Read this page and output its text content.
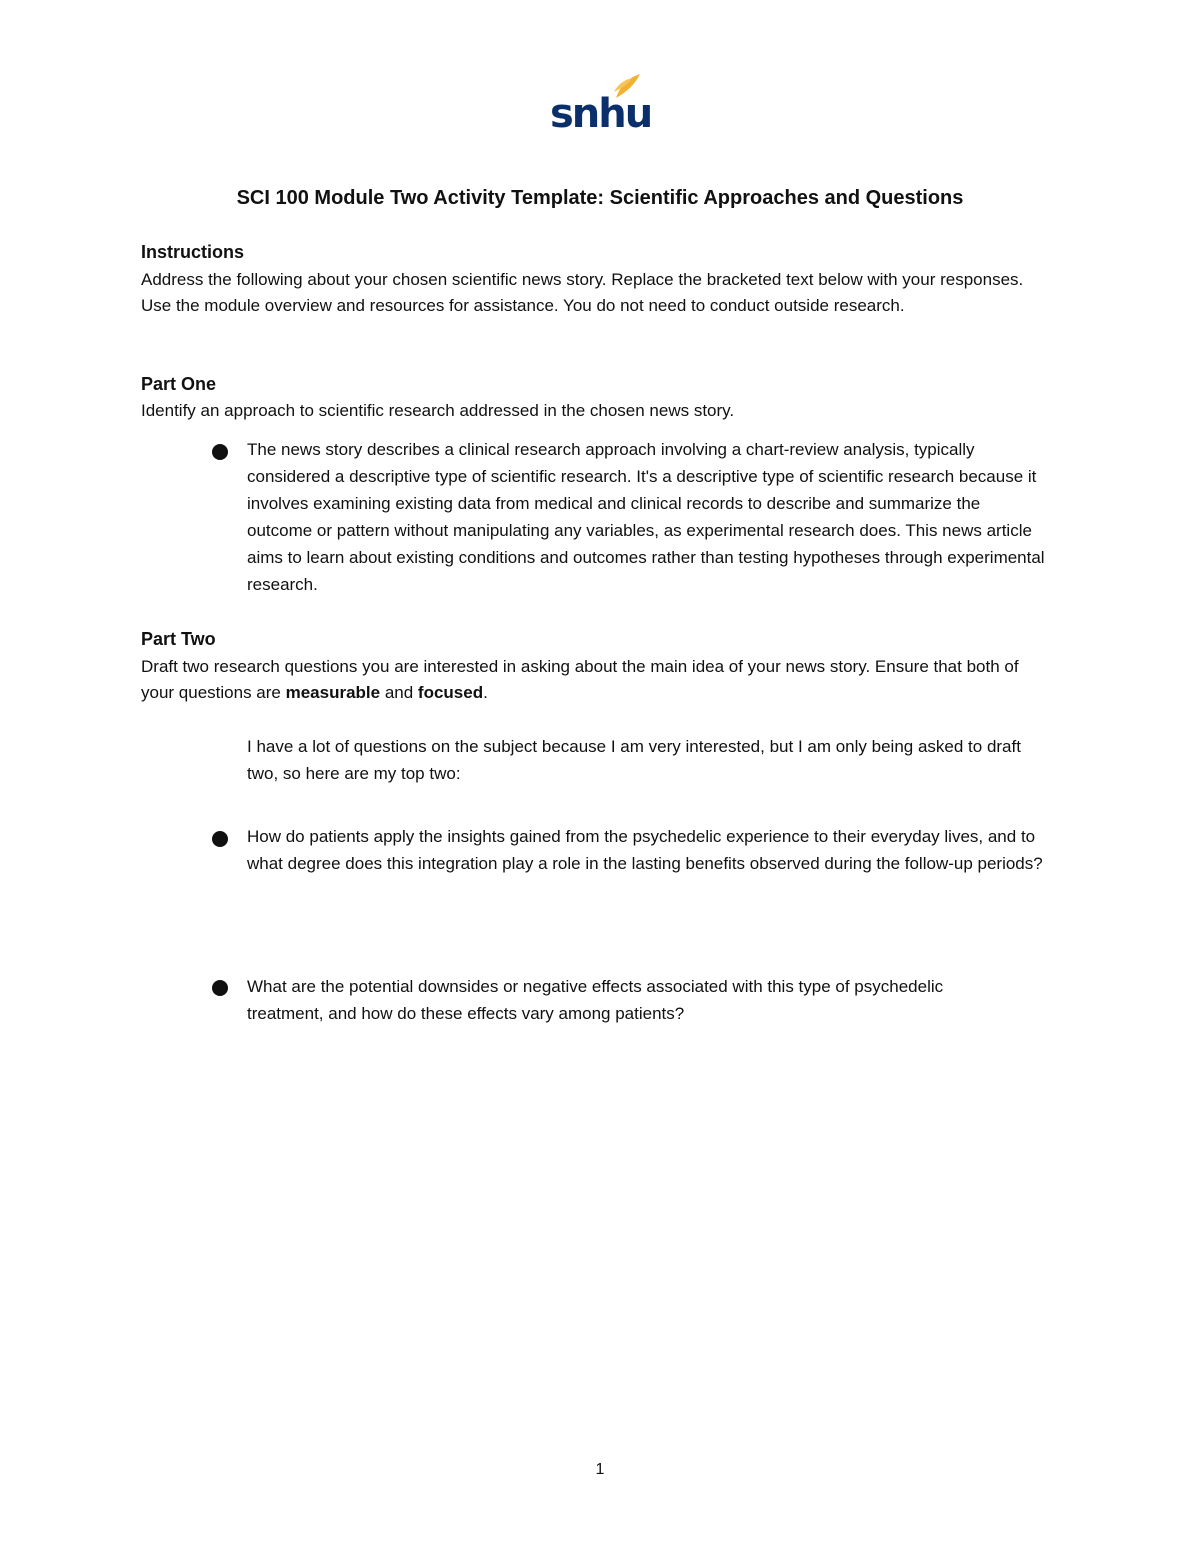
snhu
SCI 100 Module Two Activity Template: Scientific Approaches and Questions
Instructions
Address the following about your chosen scientific news story. Replace the bracketed text below with your responses. Use the module overview and resources for assistance. You do not need to conduct outside research.
Part One
Identify an approach to scientific research addressed in the chosen news story.
The news story describes a clinical research approach involving a chart-review analysis, typically considered a descriptive type of scientific research. It's a descriptive type of scientific research because it involves examining existing data from medical and clinical records to describe and summarize the outcome or pattern without manipulating any variables, as experimental research does. This news article aims to learn about existing conditions and outcomes rather than testing hypotheses through experimental research.
Part Two
Draft two research questions you are interested in asking about the main idea of your news story. Ensure that both of your questions are measurable and focused.
I have a lot of questions on the subject because I am very interested, but I am only being asked to draft two, so here are my top two:
How do patients apply the insights gained from the psychedelic experience to their everyday lives, and to what degree does this integration play a role in the lasting benefits observed during the follow-up periods?
What are the potential downsides or negative effects associated with this type of psychedelic treatment, and how do these effects vary among patients?
1
